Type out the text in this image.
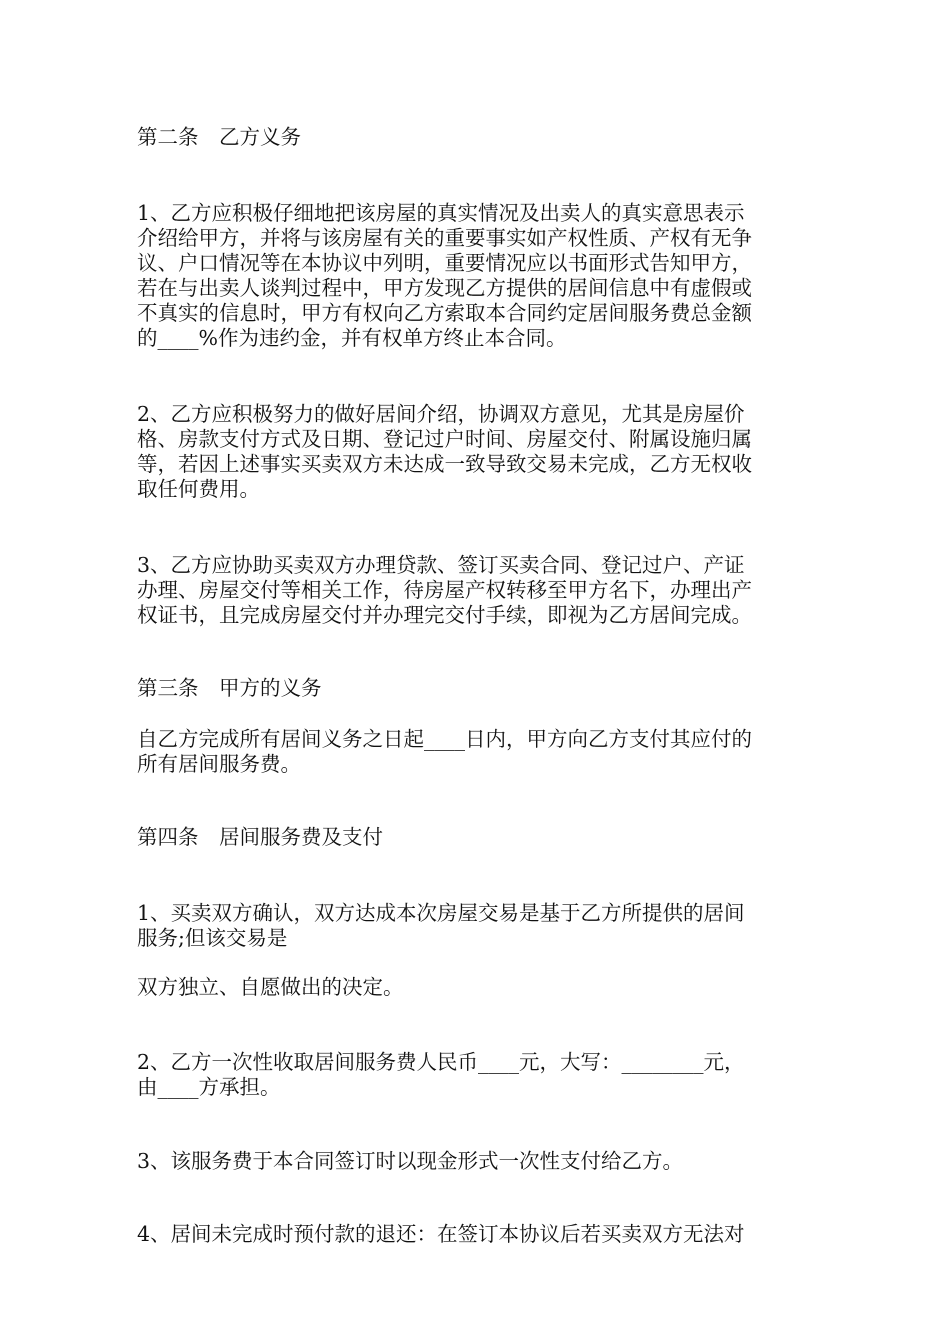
第二条　乙方义务

1、乙方应积极仔细地把该房屋的真实情况及出卖人的真实意思表示

介绍给甲方，并将与该房屋有关的重要事实如产权性质、产权有无争

议、户口情况等在本协议中列明，重要情况应以书面形式告知甲方，

若在与出卖人谈判过程中，甲方发现乙方提供的居间信息中有虚假或

不真实的信息时，甲方有权向乙方索取本合同约定居间服务费总金额

的____%作为违约金，并有权单方终止本合同。

2、乙方应积极努力的做好居间介绍，协调双方意见，尤其是房屋价

格、房款支付方式及日期、登记过户时间、房屋交付、附属设施归属

等，若因上述事实买卖双方未达成一致导致交易未完成，乙方无权收

取任何费用。

3、乙方应协助买卖双方办理贷款、签订买卖合同、登记过户、产证

办理、房屋交付等相关工作，待房屋产权转移至甲方名下，办理出产

权证书，且完成房屋交付并办理完交付手续，即视为乙方居间完成。

第三条　甲方的义务

自乙方完成所有居间义务之日起____日内，甲方向乙方支付其应付的

所有居间服务费。

第四条　居间服务费及支付

1、买卖双方确认，双方达成本次房屋交易是基于乙方所提供的居间

服务;但该交易是

双方独立、自愿做出的决定。

2、乙方一次性收取居间服务费人民币____元，大写：________元，

由____方承担。

3、该服务费于本合同签订时以现金形式一次性支付给乙方。

4、居间未完成时预付款的退还：在签订本协议后若买卖双方无法对
